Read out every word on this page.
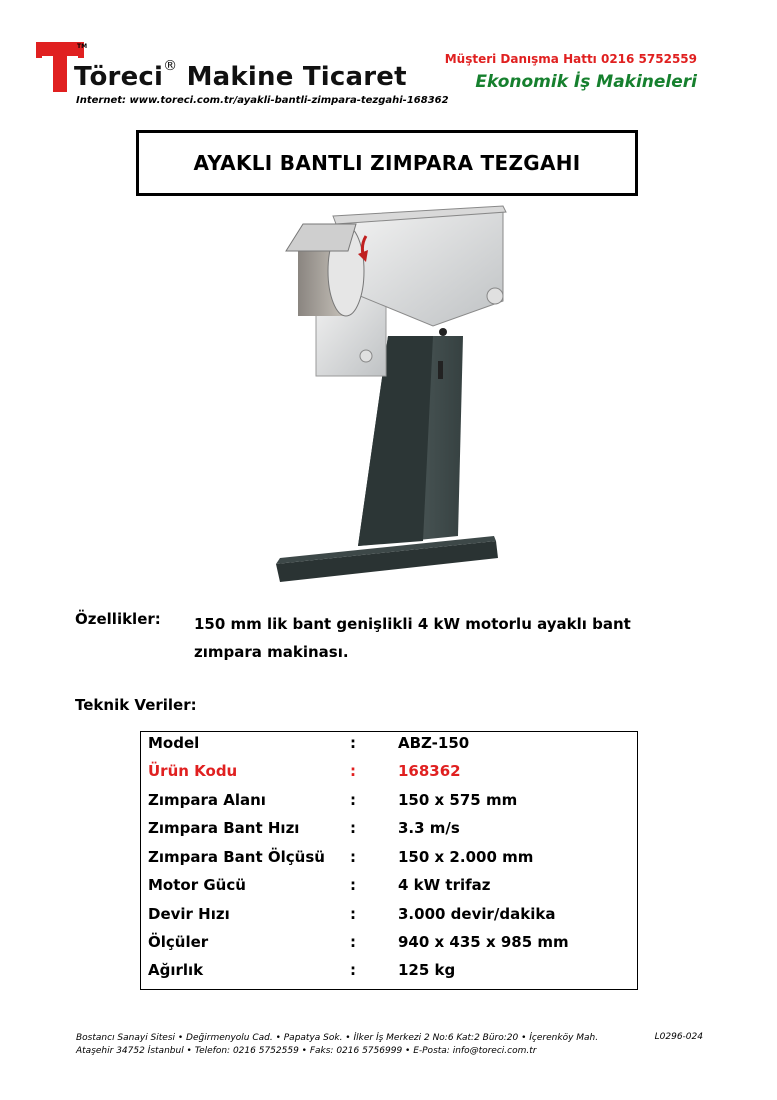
TM
Töreci® Makine Ticaret
Internet: www.toreci.com.tr/ayakli-bantli-zimpara-tezgahi-168362
Müşteri Danışma Hattı 0216 5752559
Ekonomik İş Makineleri
AYAKLI BANTLI ZIMPARA TEZGAHI
Özellikler: 150 mm lik bant genişlikli 4 kW motorlu ayaklı bant zımpara makinası.
Teknik Veriler:
Model	:	ABZ-150
Ürün Kodu	:	168362
Zımpara Alanı	:	150 x 575 mm
Zımpara Bant Hızı	:	3.3 m/s
Zımpara Bant Ölçüsü :	150 x 2.000 mm
Motor Gücü	:	4 kW trifaz
Devir Hızı	:	3.000 devir/dakika
Ölçüler	:	940 x 435 x 985 mm
Ağırlık	:	125 kg
Bostancı Sanayi Sitesi • Değirmenyolu Cad. • Papatya Sok. • İlker İş Merkezi 2 No:6 Kat:2 Büro:20 • İçerenköy Mah.
Ataşehir 34752 İstanbul • Telefon: 0216 5752559 • Faks: 0216 5756999 • E-Posta: info@toreci.com.tr
L0296-024
